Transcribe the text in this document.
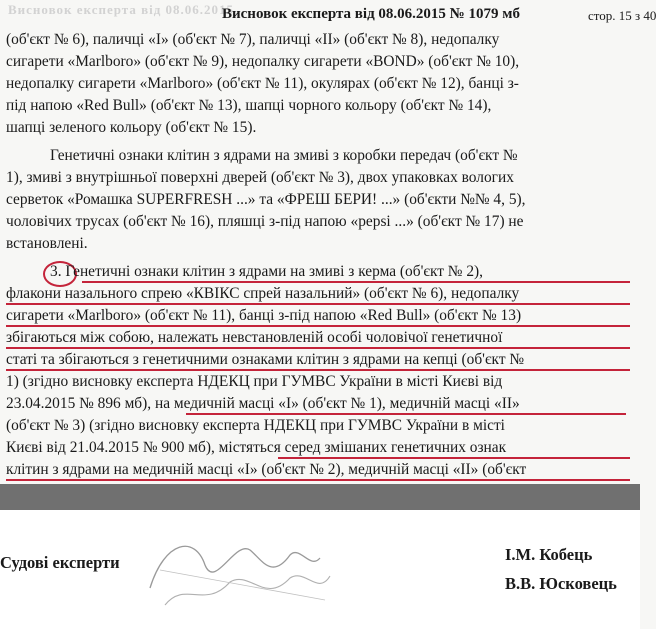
Висновок експерта від 08.06.2015
Висновок експерта від 08.06.2015 № 1079 мб	стор. 15 з 40
(об'єкт № 6), паличці «І» (об'єкт № 7), паличці «ІІ» (об'єкт № 8), недопалку
сигарети «Marlboro» (об'єкт № 9), недопалку сигарети «BOND» (об'єкт № 10),
недопалку сигарети «Marlboro» (об'єкт № 11), окулярах (об'єкт № 12), банці з-
під напою «Red Bull» (об'єкт № 13), шапці чорного кольору (об'єкт № 14),
шапці зеленого кольору (об'єкт № 15).
Генетичні ознаки клітин з ядрами на змиві з коробки передач (об'єкт №
1), змиві з внутрішньої поверхні дверей (об'єкт № 3), двох упаковках вологих
серветок «Ромашка SUPERFRESH ...» та «ФРЕШ БЕРИ! ...» (об'єкти №№ 4, 5),
чоловічих трусах (об'єкт № 16), пляшці з-під напою «pepsi ...» (об'єкт № 17) не
встановлені.
3. Генетичні ознаки клітин з ядрами на змиві з керма (об'єкт № 2),
флакони назального спрею «КВІКС спрей назальний» (об'єкт № 6), недопалку
сигарети «Marlboro» (об'єкт № 11), банці з-під напою «Red Bull» (об'єкт № 13)
збігаються між собою, належать невстановленій особі чоловічої генетичної
статі та збігаються з генетичними ознаками клітин з ядрами на кепці (об'єкт №
1) (згідно висновку експерта НДЕКЦ при ГУМВС України в місті Києві від
23.04.2015 № 896 мб), на медичній масці «І» (об'єкт № 1), медичній масці «ІІ»
(об'єкт № 3) (згідно висновку експерта НДЕКЦ при ГУМВС України в місті
Києві від 21.04.2015 № 900 мб), містяться серед змішаних генетичних ознак
клітин з ядрами на медичній масці «І» (об'єкт № 2), медичній масці «ІІ» (об'єкт
Судові експерти	І.М. Кобець
В.В. Юсковець
